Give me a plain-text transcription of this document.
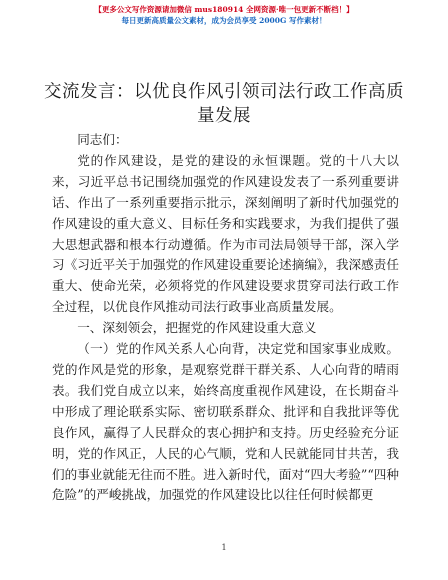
【更多公文写作资源请加微信 mus180914 全网资源·唯一包更新不断档！】
每日更新高质量公文素材，成为会员享受 2000G 写作素材！
交流发言：以优良作风引领司法行政工作高质量发展

同志们：

党的作风建设，是党的建设的永恒课题。党的十八大以来，习近平总书记围绕加强党的作风建设发表了一系列重要讲话、作出了一系列重要指示批示，深刻阐明了新时代加强党的作风建设的重大意义、目标任务和实践要求，为我们提供了强大思想武器和根本行动遵循。作为市司法局领导干部，深入学习《习近平关于加强党的作风建设重要论述摘编》，我深感责任重大、使命光荣，必须将党的作风建设要求贯穿司法行政工作全过程，以优良作风推动司法行政事业高质量发展。

一、深刻领会，把握党的作风建设重大意义

（一）党的作风关系人心向背，决定党和国家事业成败。党的作风是党的形象，是观察党群干群关系、人心向背的晴雨表。我们党自成立以来，始终高度重视作风建设，在长期奋斗中形成了理论联系实际、密切联系群众、批评和自我批评等优良作风，赢得了人民群众的衷心拥护和支持。历史经验充分证明，党的作风正，人民的心气顺，党和人民就能同甘共苦，我们的事业就能无往而不胜。进入新时代，面对“四大考验”“四种危险”的严峻挑战，加强党的作风建设比以往任何时候都更

1
